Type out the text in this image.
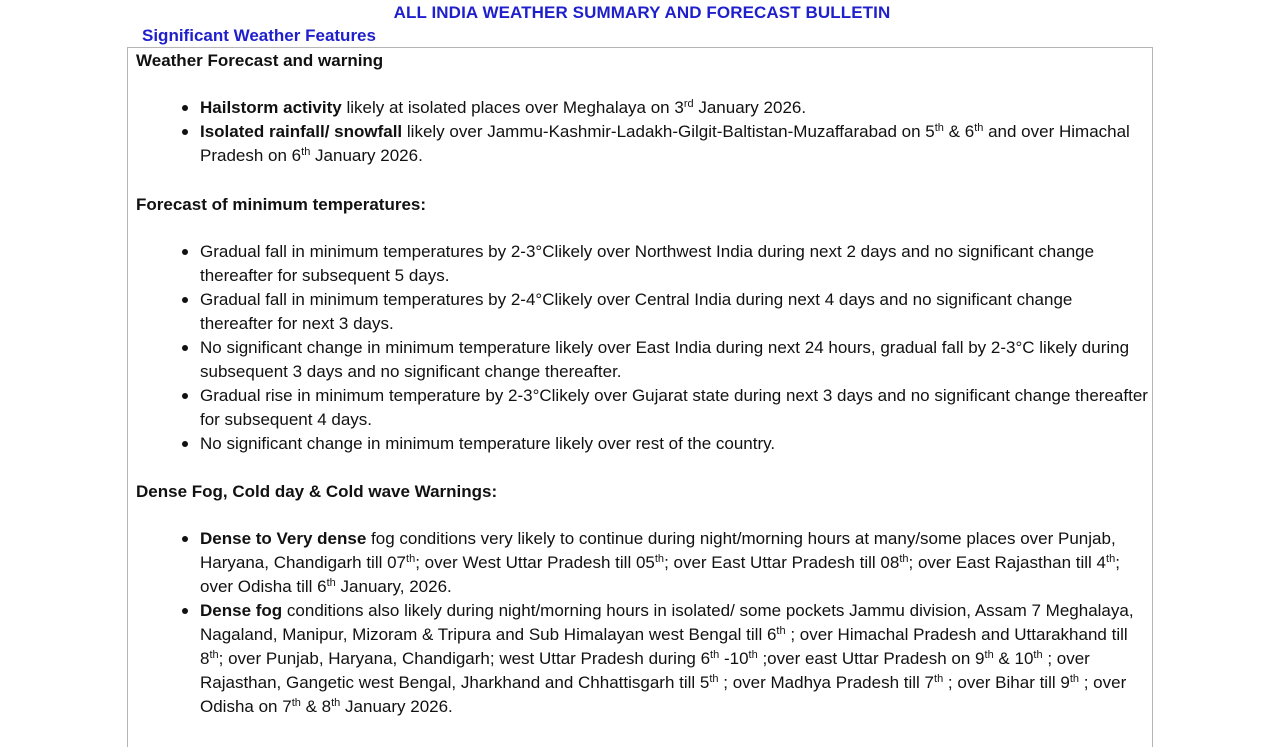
ALL INDIA WEATHER SUMMARY AND FORECAST BULLETIN
Significant Weather Features
Weather Forecast and warning
Hailstorm activity likely at isolated places over Meghalaya on 3rd January 2026.
Isolated rainfall/ snowfall likely over Jammu-Kashmir-Ladakh-Gilgit-Baltistan-Muzaffarabad on 5th & 6th and over Himachal Pradesh on 6th January 2026.
Forecast of minimum temperatures:
Gradual fall in minimum temperatures by 2-3°Clikely over Northwest India during next 2 days and no significant change thereafter for subsequent 5 days.
Gradual fall in minimum temperatures by 2-4°Clikely over Central India during next 4 days and no significant change thereafter for next 3 days.
No significant change in minimum temperature likely over East India during next 24 hours, gradual fall by 2-3°C likely during subsequent 3 days and no significant change thereafter.
Gradual rise in minimum temperature by 2-3°Clikely over Gujarat state during next 3 days and no significant change thereafter for subsequent 4 days.
No significant change in minimum temperature likely over rest of the country.
Dense Fog, Cold day & Cold wave Warnings:
Dense to Very dense fog conditions very likely to continue during night/morning hours at many/some places over Punjab, Haryana, Chandigarh till 07th; over West Uttar Pradesh till 05th; over East Uttar Pradesh till 08th; over East Rajasthan till 4th; over Odisha till 6th January, 2026.
Dense fog conditions also likely during night/morning hours in isolated/ some pockets Jammu division, Assam 7 Meghalaya, Nagaland, Manipur, Mizoram & Tripura and Sub Himalayan west Bengal till 6th ; over Himachal Pradesh and Uttarakhand till 8th; over Punjab, Haryana, Chandigarh; west Uttar Pradesh during 6th -10th ;over east Uttar Pradesh on 9th & 10th ; over Rajasthan, Gangetic west Bengal, Jharkhand and Chhattisgarh till 5th ; over Madhya Pradesh till 7th ; over Bihar till 9th ; over Odisha on 7th & 8th January 2026.
